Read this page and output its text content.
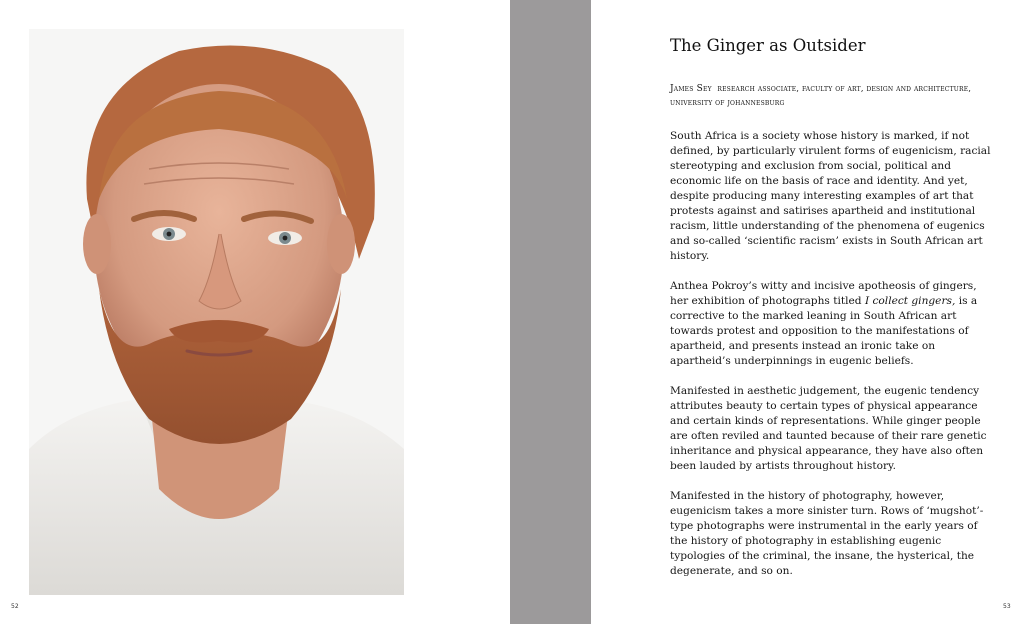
52
The Ginger as Outsider

James Sey research associate, faculty of art, design and architecture, university of johannesburg

South Africa is a society whose history is marked, if not defined, by particularly virulent forms of eugenicism, racial stereotyping and exclusion from social, political and economic life on the basis of race and identity. And yet, despite producing many interesting examples of art that protests against and satirises apartheid and institutional racism, little understanding of the phenomena of eugenics and so-called ‘scientific racism’ exists in South African art history.

Anthea Pokroy’s witty and incisive apotheosis of gingers, her exhibition of photographs titled I collect gingers, is a corrective to the marked leaning in South African art towards protest and opposition to the manifestations of apartheid, and presents instead an ironic take on apartheid’s underpinnings in eugenic beliefs.

Manifested in aesthetic judgement, the eugenic tendency attributes beauty to certain types of physical appearance and certain kinds of representations. While ginger people are often reviled and taunted because of their rare genetic inheritance and physical appearance, they have also often been lauded by artists throughout history.

Manifested in the history of photography, however, eugenicism takes a more sinister turn. Rows of ‘mugshot’-type photographs were instrumental in the early years of the history of photography in establishing eugenic typologies of the criminal, the insane, the hysterical, the degenerate, and so on.

53
